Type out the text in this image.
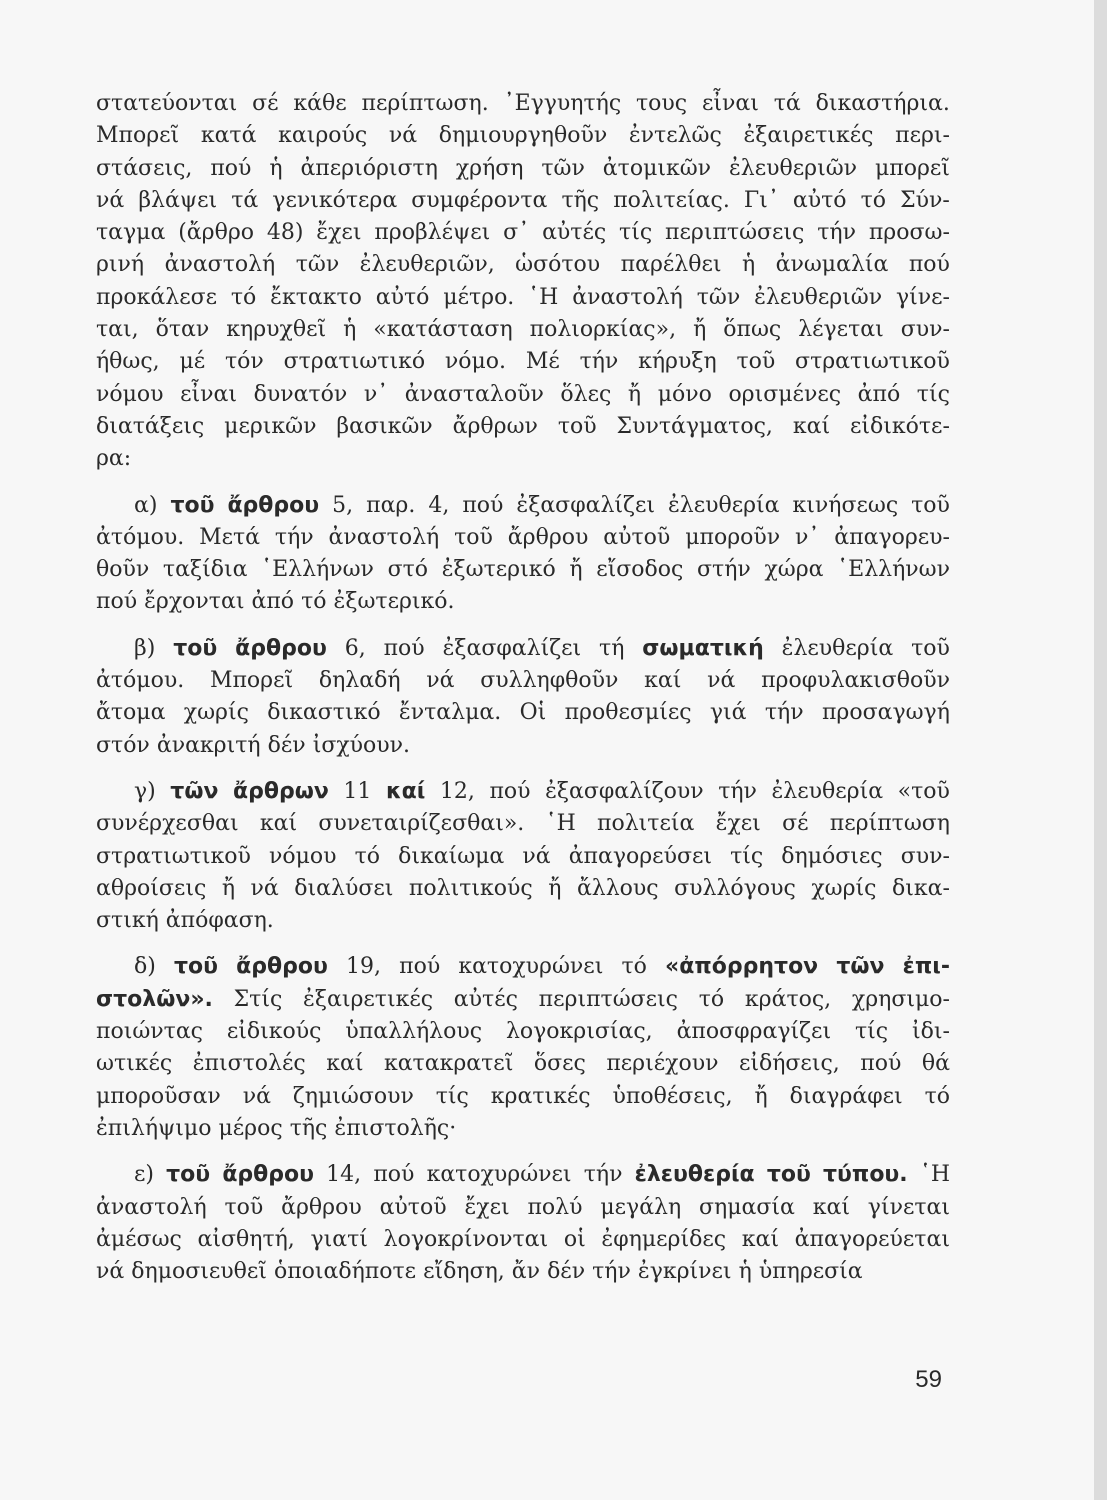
στατεύονται σέ κάθε περίπτωση. ᾽Εγγυητής τους εἶναι τά δικαστήρια.
Μπορεῖ κατά καιρούς νά δημιουργηθοῦν ἐντελῶς ἐξαιρετικές περι-
στάσεις, πού ἡ ἀπεριόριστη χρήση τῶν ἀτομικῶν ἐλευθεριῶν μπορεῖ
νά βλάψει τά γενικότερα συμφέροντα τῆς πολιτείας. Γι᾽ αὐτό τό Σύν-
ταγμα (ἄρθρο 48) ἔχει προβλέψει σ᾽ αὐτές τίς περιπτώσεις τήν προσω-
ρινή ἀναστολή τῶν ἐλευθεριῶν, ὡσότου παρέλθει ἡ ἀνωμαλία πού
προκάλεσε τό ἔκτακτο αὐτό μέτρο. ῾Η ἀναστολή τῶν ἐλευθεριῶν γίνε-
ται, ὅταν κηρυχθεῖ ἡ «κατάσταση πολιορκίας», ἤ ὅπως λέγεται συν-
ήθως, μέ τόν στρατιωτικό νόμο. Μέ τήν κήρυξη τοῦ στρατιωτικοῦ
νόμου εἶναι δυνατόν ν᾽ ἀνασταλοῦν ὅλες ἤ μόνο ορισμένες ἀπό τίς
διατάξεις μερικῶν βασικῶν ἄρθρων τοῦ Συντάγματος, καί εἰδικότε-
ρα:
α) τοῦ ἄρθρου 5, παρ. 4, πού ἐξασφαλίζει ἐλευθερία κινήσεως τοῦ
ἀτόμου. Μετά τήν ἀναστολή τοῦ ἄρθρου αὐτοῦ μποροῦν ν᾽ ἀπαγορευ-
θοῦν ταξίδια ῾Ελλήνων στό ἐξωτερικό ἤ εἴσοδος στήν χώρα ῾Ελλήνων
πού ἔρχονται ἀπό τό ἐξωτερικό.
β) τοῦ ἄρθρου 6, πού ἐξασφαλίζει τή σωματική ἐλευθερία τοῦ
ἀτόμου. Μπορεῖ δηλαδή νά συλληφθοῦν καί νά προφυλακισθοῦν
ἄτομα χωρίς δικαστικό ἔνταλμα. Οἱ προθεσμίες γιά τήν προσαγωγή
στόν ἀνακριτή δέν ἰσχύουν.
γ) τῶν ἄρθρων 11 καί 12, πού ἐξασφαλίζουν τήν ἐλευθερία «τοῦ
συνέρχεσθαι καί συνεταιρίζεσθαι». ῾Η πολιτεία ἔχει σέ περίπτωση
στρατιωτικοῦ νόμου τό δικαίωμα νά ἀπαγορεύσει τίς δημόσιες συν-
αθροίσεις ἤ νά διαλύσει πολιτικούς ἤ ἄλλους συλλόγους χωρίς δικα-
στική ἀπόφαση.
δ) τοῦ ἄρθρου 19, πού κατοχυρώνει τό «ἀπόρρητον τῶν ἐπι-
στολῶν». Στίς ἐξαιρετικές αὐτές περιπτώσεις τό κράτος, χρησιμο-
ποιώντας εἰδικούς ὑπαλλήλους λογοκρισίας, ἀποσφραγίζει τίς ἰδι-
ωτικές ἐπιστολές καί κατακρατεῖ ὅσες περιέχουν εἰδήσεις, πού θά
μποροῦσαν νά ζημιώσουν τίς κρατικές ὑποθέσεις, ἤ διαγράφει τό
ἐπιλήψιμο μέρος τῆς ἐπιστολῆς·
ε) τοῦ ἄρθρου 14, πού κατοχυρώνει τήν ἐλευθερία τοῦ τύπου. ῾Η
ἀναστολή τοῦ ἄρθρου αὐτοῦ ἔχει πολύ μεγάλη σημασία καί γίνεται
ἀμέσως αἰσθητή, γιατί λογοκρίνονται οἱ ἐφημερίδες καί ἀπαγορεύεται
νά δημοσιευθεῖ ὁποιαδήποτε εἴδηση, ἄν δέν τήν ἐγκρίνει ἡ ὑπηρεσία
59
